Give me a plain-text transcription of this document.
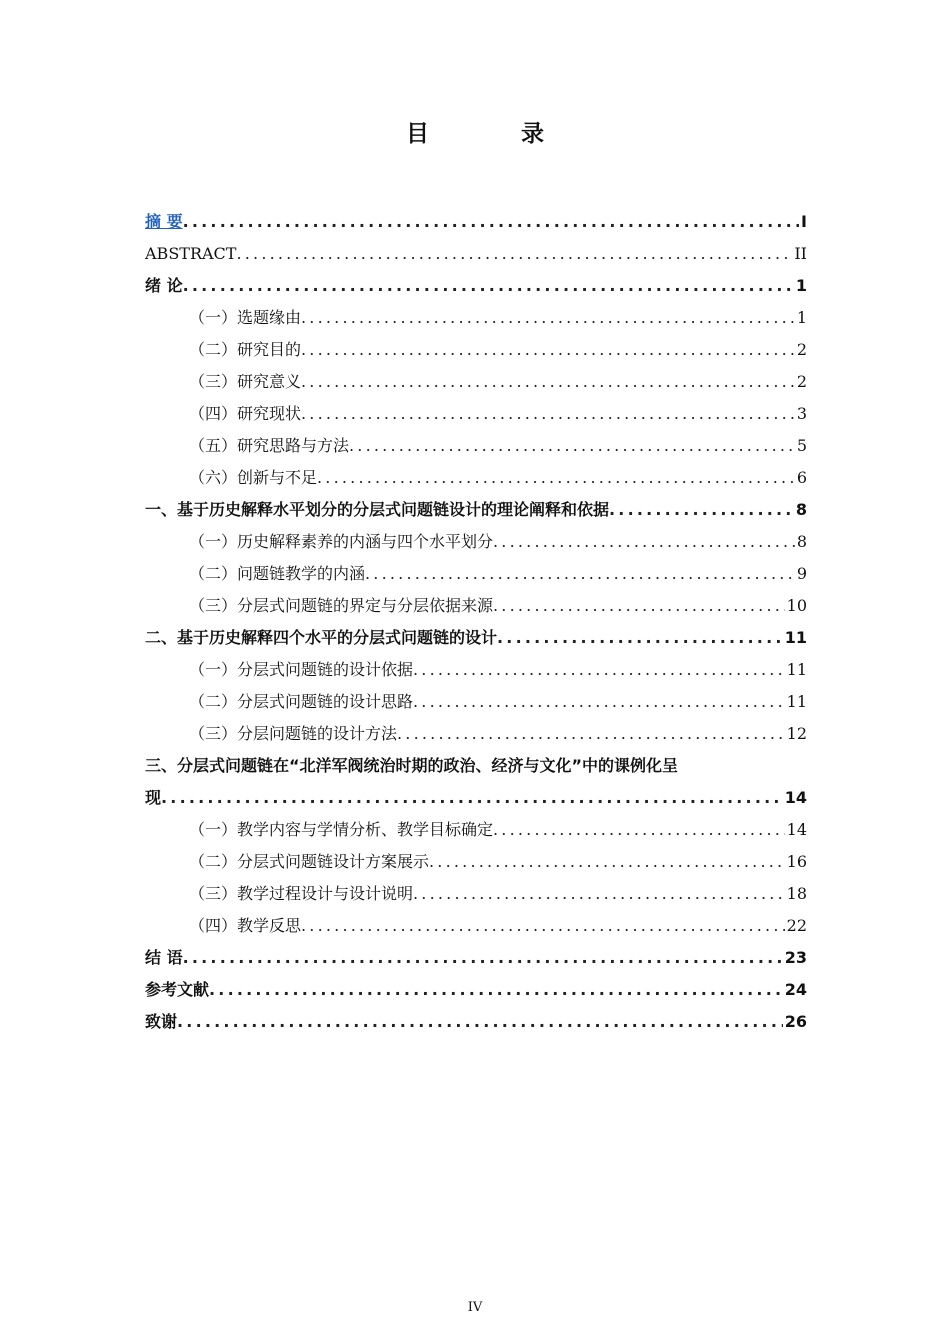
目 录
摘 要 .....	I
ABSTRACT .....	II
绪 论 .....	1
（一）选题缘由 .....	1
（二）研究目的 .....	2
（三）研究意义 .....	2
（四）研究现状 .....	3
（五）研究思路与方法 .....	5
（六）创新与不足 .....	6
一、基于历史解释水平划分的分层式问题链设计的理论阐释和依据 .....	8
（一）历史解释素养的内涵与四个水平划分 .....	8
（二）问题链教学的内涵 .....	9
（三）分层式问题链的界定与分层依据来源 .....	10
二、基于历史解释四个水平的分层式问题链的设计 .....	11
（一）分层式问题链的设计依据 .....	11
（二）分层式问题链的设计思路 .....	11
（三）分层问题链的设计方法 .....	12
三、分层式问题链在“北洋军阀统治时期的政治、经济与文化”中的课例化呈
现 .....	14
（一）教学内容与学情分析、教学目标确定 .....	14
（二）分层式问题链设计方案展示 .....	16
（三）教学过程设计与设计说明 .....	18
（四）教学反思 .....	22
结 语 .....	23
参考文献 .....	24
致谢 .....	26
IV
